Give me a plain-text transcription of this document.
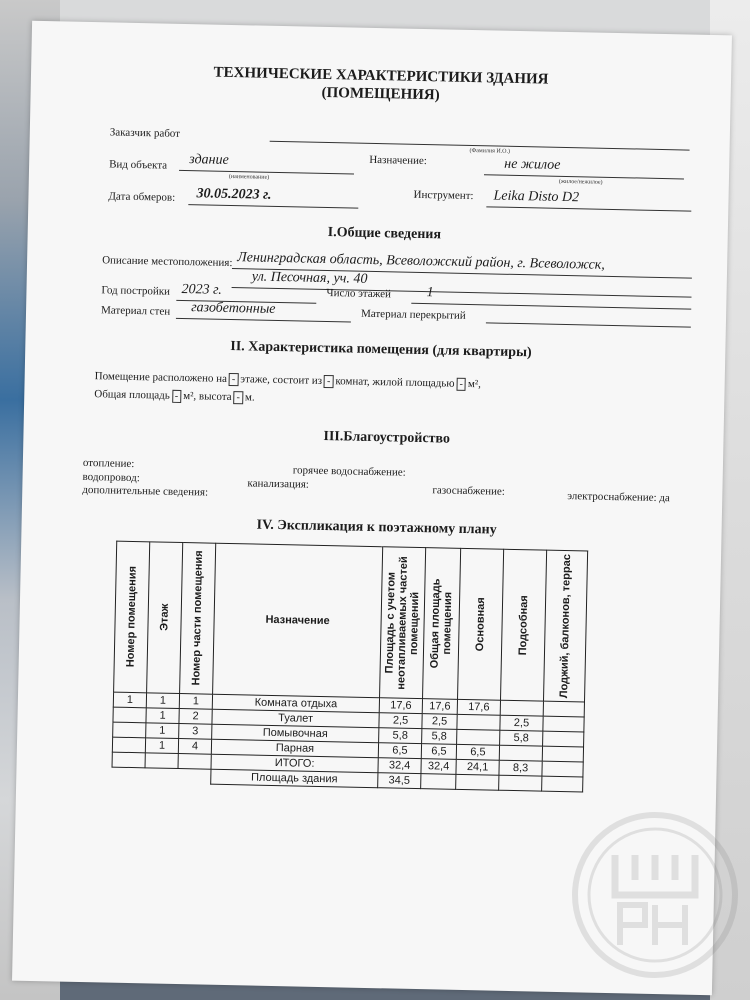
ТЕХНИЧЕСКИЕ ХАРАКТЕРИСТИКИ ЗДАНИЯ
(ПОМЕЩЕНИЯ)
Заказчик работ
(Фамилия И.О.)
Вид объекта здание
(наименование)
Назначение:	не жилое
(жилое/нежилое)
Дата обмеров: 30.05.2023 г.	Инструмент: Leika Disto D2
I.Общие сведения
Описание местоположения: Ленинградская область, Всеволожский район, г. Всеволожск,
ул. Песочная, уч. 40
Год постройки 2023 г.	Число этажей	1
Материал стен газобетонные	Материал перекрытий
II. Характеристика помещения (для квартиры)
Помещение расположено на - этаже, состоит из - комнат, жилой площадью - м²,
Общая площадь - м², высота - м.
III.Благоустройство
отопление:
горячее водоснабжение:
водопровод:	канализация:
газоснабжение:	электроснабжение: да
дополнительные сведения:
IV. Экспликация к поэтажному плану
Номер помещения	Этаж	Номер части помещения	Назначение	Площадь с учетом неотапливаемых частей помещений	Общая площадь помещения	Основная	Подсобная	Лоджий, балконов, террас

1	1	1	Комната отдыха	17,6	17,6	17,6		
	1	2	Туалет	2,5	2,5		2,5	
	1	3	Помывочная	5,8	5,8		5,8	
	1	4	Парная	6,5	6,5	6,5		
			ИТОГО:	32,4	32,4	24,1	8,3	
			Площадь здания	34,5				
